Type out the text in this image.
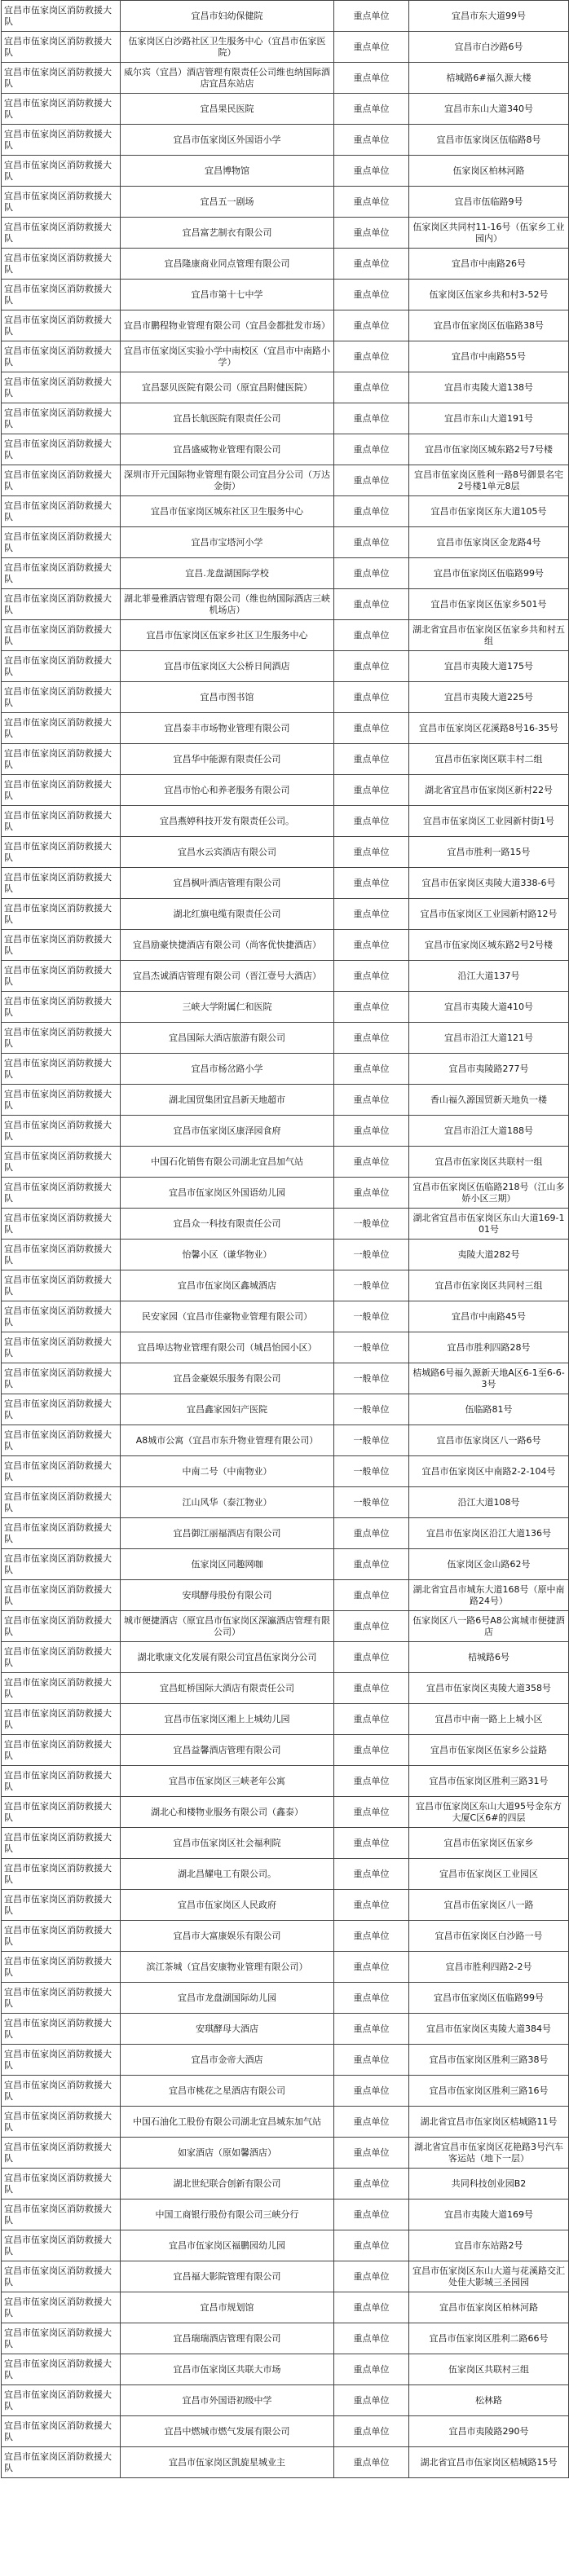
宜昌市伍家岗区消防救援大队	宜昌市妇幼保健院	重点单位	宜昌市东大道99号
宜昌市伍家岗区消防救援大队	伍家岗区白沙路社区卫生服务中心（宜昌市伍家医院）	重点单位	宜昌市白沙路6号
宜昌市伍家岗区消防救援大队	威尔宾（宜昌）酒店管理有限责任公司维也纳国际酒店宜昌东站店	重点单位	桔城路6#福久源大楼
宜昌市伍家岗区消防救援大队	宜昌果民医院	重点单位	宜昌市东山大道340号
宜昌市伍家岗区消防救援大队	宜昌市伍家岗区外国语小学	重点单位	宜昌市伍家岗区伍临路8号
宜昌市伍家岗区消防救援大队	宜昌博物馆	重点单位	伍家岗区柏林河路
宜昌市伍家岗区消防救援大队	宜昌五一剧场	重点单位	宜昌市伍临路9号
宜昌市伍家岗区消防救援大队	宜昌富艺制衣有限公司	重点单位	伍家岗区共同村11-16号（伍家乡工业园内）
宜昌市伍家岗区消防救援大队	宜昌隆康商业同点管理有限公司	重点单位	宜昌市中南路26号
宜昌市伍家岗区消防救援大队	宜昌市第十七中学	重点单位	伍家岗区伍家乡共和村3-52号
宜昌市伍家岗区消防救援大队	宜昌市鹏程物业管理有限公司（宜昌金都批发市场）	重点单位	宜昌市伍家岗区伍临路38号
宜昌市伍家岗区消防救援大队	宜昌市伍家岗区实验小学中南校区（宜昌市中南路小学）	重点单位	宜昌市中南路55号
宜昌市伍家岗区消防救援大队	宜昌瑟贝医院有限公司（原宜昌附健医院）	重点单位	宜昌市夷陵大道138号
宜昌市伍家岗区消防救援大队	宜昌长航医院有限责任公司	重点单位	宜昌市东山大道191号
宜昌市伍家岗区消防救援大队	宜昌盛威物业管理有限公司	重点单位	宜昌市伍家岗区城东路2号7号楼
宜昌市伍家岗区消防救援大队	深圳市开元国际物业管理有限公司宜昌分公司（万达金街）	重点单位	宜昌市伍家岗区胜利一路8号御景名宅2号楼1单元8层
宜昌市伍家岗区消防救援大队	宜昌市伍家岗区城东社区卫生服务中心	重点单位	宜昌市伍家岗区东大道105号
宜昌市伍家岗区消防救援大队	宜昌市宝塔河小学	重点单位	宜昌市伍家岗区金龙路4号
宜昌市伍家岗区消防救援大队	宜昌.龙盘湖国际学校	重点单位	宜昌市伍家岗区伍临路99号
宜昌市伍家岗区消防救援大队	湖北菲曼雅酒店管理有限公司（维也纳国际酒店三峡机场店）	重点单位	宜昌市伍家岗区伍家乡501号
宜昌市伍家岗区消防救援大队	宜昌市伍家岗区伍家乡社区卫生服务中心	重点单位	湖北省宜昌市伍家岗区伍家乡共和村五组
宜昌市伍家岗区消防救援大队	宜昌市伍家岗区大公桥日间酒店	重点单位	宜昌市夷陵大道175号
宜昌市伍家岗区消防救援大队	宜昌市图书馆	重点单位	宜昌市夷陵大道225号
宜昌市伍家岗区消防救援大队	宜昌泰丰市场物业管理有限公司	重点单位	宜昌市伍家岗区花溪路8号16-35号
宜昌市伍家岗区消防救援大队	宜昌华中能源有限责任公司	重点单位	宜昌市伍家岗区联丰村二组
宜昌市伍家岗区消防救援大队	宜昌市怡心和养老服务有限公司	重点单位	湖北省宜昌市伍家岗区新村22号
宜昌市伍家岗区消防救援大队	宜昌燕婷科技开发有限责任公司。	重点单位	宜昌市伍家岗区工业园新村街1号
宜昌市伍家岗区消防救援大队	宜昌水云宾酒店有限公司	重点单位	宜昌市胜利一路15号
宜昌市伍家岗区消防救援大队	宜昌枫叶酒店管理有限公司	重点单位	宜昌市伍家岗区夷陵大道338-6号
宜昌市伍家岗区消防救援大队	湖北红旗电缆有限责任公司	重点单位	宜昌市伍家岗区工业园新村路12号
宜昌市伍家岗区消防救援大队	宜昌励豪快捷酒店有限公司（尚客优快捷酒店）	重点单位	宜昌市伍家岗区城东路2号2号楼
宜昌市伍家岗区消防救援大队	宜昌杰诚酒店管理有限公司（晋江壹号大酒店）	重点单位	沿江大道137号
宜昌市伍家岗区消防救援大队	三峡大学附属仁和医院	重点单位	宜昌市夷陵大道410号
宜昌市伍家岗区消防救援大队	宜昌国际大酒店旅游有限公司	重点单位	宜昌市沿江大道121号
宜昌市伍家岗区消防救援大队	宜昌市杨岔路小学	重点单位	宜昌市夷陵路277号
宜昌市伍家岗区消防救援大队	湖北国贸集团宜昌新天地超市	重点单位	香山福久源国贸新天地负一楼
宜昌市伍家岗区消防救援大队	宜昌市伍家岗区康泽园食府	重点单位	宜昌市沿江大道188号
宜昌市伍家岗区消防救援大队	中国石化销售有限公司湖北宜昌加气站	重点单位	宜昌市伍家岗区共联村一组
宜昌市伍家岗区消防救援大队	宜昌市伍家岗区外国语幼儿园	重点单位	宜昌市伍家岗区伍临路218号（江山多娇小区三期）
宜昌市伍家岗区消防救援大队	宜昌众一科技有限责任公司	一般单位	湖北省宜昌市伍家岗区东山大道169-101号
宜昌市伍家岗区消防救援大队	怡馨小区（谦华物业）	一般单位	夷陵大道282号
宜昌市伍家岗区消防救援大队	宜昌市伍家岗区鑫城酒店	一般单位	宜昌市伍家岗区共同村三组
宜昌市伍家岗区消防救援大队	民安家园（宜昌市佳豪物业管理有限公司）	一般单位	宜昌市中南路45号
宜昌市伍家岗区消防救援大队	宜昌埠达物业管理有限公司（城昌怡园小区）	一般单位	宜昌市胜利四路28号
宜昌市伍家岗区消防救援大队	宜昌金豪娱乐服务有限公司	一般单位	桔城路6号福久源新天地A区6-1至6-6-3号
宜昌市伍家岗区消防救援大队	宜昌鑫家园妇产医院	一般单位	伍临路81号
宜昌市伍家岗区消防救援大队	A8城市公寓（宜昌市东升物业管理有限公司）	一般单位	宜昌市伍家岗区八一路6号
宜昌市伍家岗区消防救援大队	中南二号（中南物业）	一般单位	宜昌市伍家岗区中南路2-2-104号
宜昌市伍家岗区消防救援大队	江山风华（泰江物业）	一般单位	沿江大道108号
宜昌市伍家岗区消防救援大队	宜昌御江丽福酒店有限公司	重点单位	宜昌市伍家岗区沿江大道136号
宜昌市伍家岗区消防救援大队	伍家岗区同趣网咖	重点单位	伍家岗区金山路62号
宜昌市伍家岗区消防救援大队	安琪酵母股份有限公司	重点单位	湖北省宜昌市城东大道168号（原中南路24号）
宜昌市伍家岗区消防救援大队	城市便捷酒店（原宜昌市伍家岗区深瀛酒店管理有限公司）	重点单位	伍家岗区八一路6号A8公寓城市便捷酒店
宜昌市伍家岗区消防救援大队	湖北歌康文化发展有限公司宜昌伍家岗分公司	重点单位	桔城路6号
宜昌市伍家岗区消防救援大队	宜昌虹桥国际大酒店有限责任公司	重点单位	宜昌市伍家岗区夷陵大道358号
宜昌市伍家岗区消防救援大队	宜昌市伍家岗区湘上上城幼儿园	重点单位	宜昌市中南一路上上城小区
宜昌市伍家岗区消防救援大队	宜昌益馨酒店管理有限公司	重点单位	宜昌市伍家岗区伍家乡公益路
宜昌市伍家岗区消防救援大队	宜昌市伍家岗区三峡老年公寓	重点单位	宜昌市伍家岗区胜利三路31号
宜昌市伍家岗区消防救援大队	湖北心和楼物业服务有限公司（鑫泰）	重点单位	宜昌市伍家岗区东山大道95号金东方大厦C区6#的四层
宜昌市伍家岗区消防救援大队	宜昌市伍家岗区社会福利院	重点单位	宜昌市伍家岗区伍家乡
宜昌市伍家岗区消防救援大队	湖北昌耀电工有限公司。	重点单位	宜昌市伍家岗区工业园区
宜昌市伍家岗区消防救援大队	宜昌市伍家岗区人民政府	重点单位	宜昌市伍家岗区八一路
宜昌市伍家岗区消防救援大队	宜昌市大富康娱乐有限公司	重点单位	宜昌市伍家岗区白沙路一号
宜昌市伍家岗区消防救援大队	滨江茶城（宜昌安康物业管理有限公司）	重点单位	宜昌市胜利四路2-2号
宜昌市伍家岗区消防救援大队	宜昌市龙盘湖国际幼儿园	重点单位	宜昌市伍家岗区伍临路99号
宜昌市伍家岗区消防救援大队	安琪酵母大酒店	重点单位	宜昌市伍家岗区夷陵大道384号
宜昌市伍家岗区消防救援大队	宜昌市金帝大酒店	重点单位	宜昌市伍家岗区胜利三路38号
宜昌市伍家岗区消防救援大队	宜昌市桃花之星酒店有限公司	重点单位	宜昌市伍家岗区胜利三路16号
宜昌市伍家岗区消防救援大队	中国石油化工股份有限公司湖北宜昌城东加气站	重点单位	湖北省宜昌市伍家岗区桔城路11号
宜昌市伍家岗区消防救援大队	如家酒店（原如馨酒店）	重点单位	湖北省宜昌市伍家岗区花艳路3号汽车客运站（地下一层）
宜昌市伍家岗区消防救援大队	湖北世纪联合创新有限公司	重点单位	共同科技创业园B2
宜昌市伍家岗区消防救援大队	中国工商银行股份有限公司三峡分行	重点单位	宜昌市夷陵大道169号
宜昌市伍家岗区消防救援大队	宜昌市伍家岗区福鹏园幼儿园	重点单位	宜昌市东站路2号
宜昌市伍家岗区消防救援大队	宜昌福大影院管理有限公司	重点单位	宜昌市伍家岗区东山大道与花溪路交汇处佳大影城三圣园园
宜昌市伍家岗区消防救援大队	宜昌市规划馆	重点单位	宜昌市伍家岗区柏林河路
宜昌市伍家岗区消防救援大队	宜昌瑞瑞酒店管理有限公司	重点单位	宜昌市伍家岗区胜利二路66号
宜昌市伍家岗区消防救援大队	宜昌市伍家岗区共联大市场	重点单位	伍家岗区共联村三组
宜昌市伍家岗区消防救援大队	宜昌市外国语初级中学	重点单位	松林路
宜昌市伍家岗区消防救援大队	宜昌中燃城市燃气发展有限公司	重点单位	宜昌市夷陵路290号
宜昌市伍家岗区消防救援大队	宜昌市伍家岗区凯旋星城业主	重点单位	湖北省宜昌市伍家岗区桔城路15号
